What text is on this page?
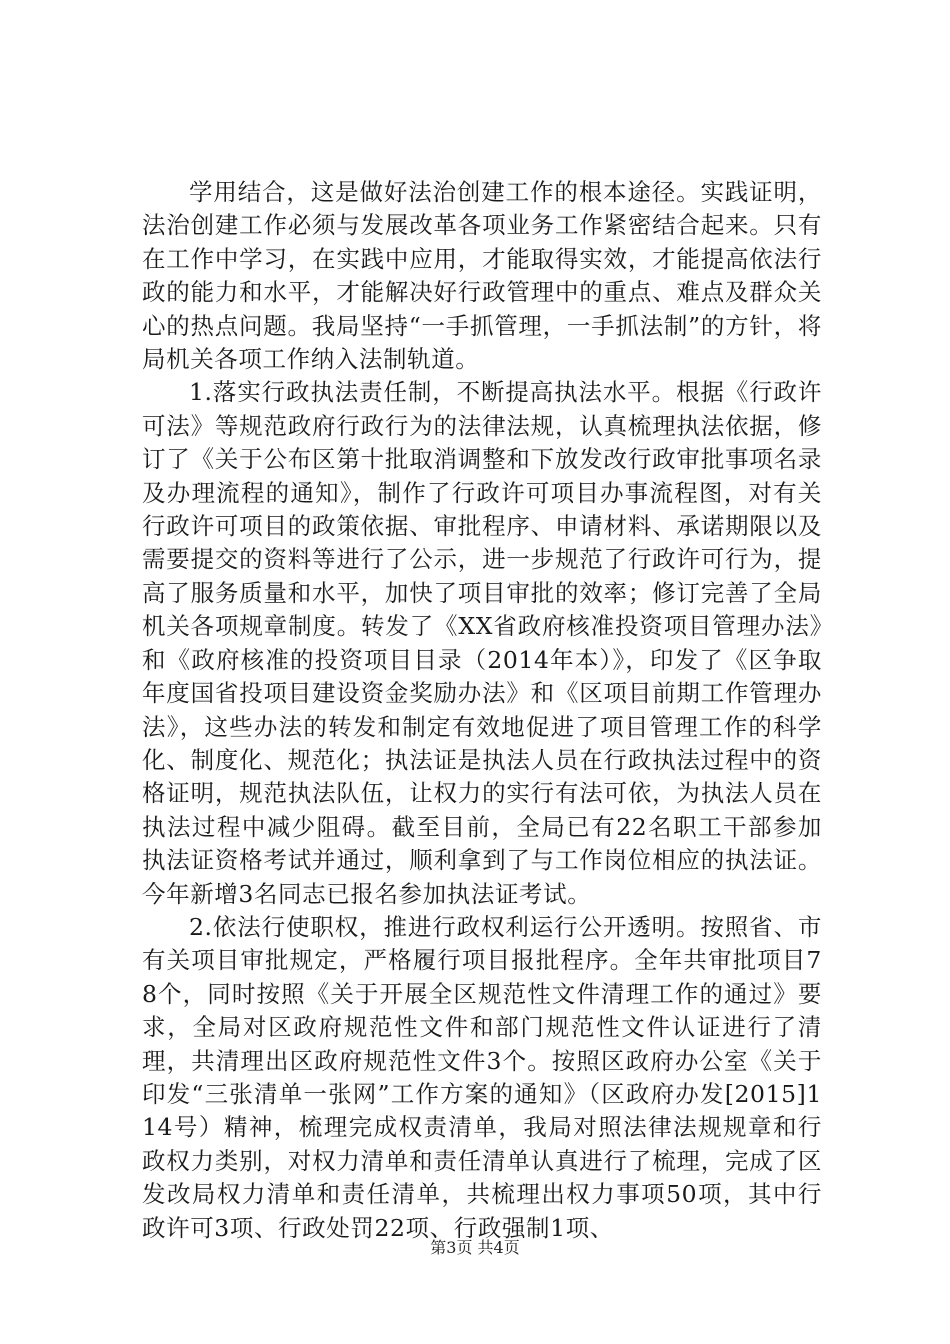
学用结合，这是做好法治创建工作的根本途径。实践证明，法治创建工作必须与发展改革各项业务工作紧密结合起来。只有在工作中学习，在实践中应用，才能取得实效，才能提高依法行政的能力和水平，才能解决好行政管理中的重点、难点及群众关心的热点问题。我局坚持“一手抓管理，一手抓法制”的方针，将局机关各项工作纳入法制轨道。

1.落实行政执法责任制，不断提高执法水平。根据《行政许可法》等规范政府行政行为的法律法规，认真梳理执法依据，修订了《关于公布区第十批取消调整和下放发改行政审批事项名录及办理流程的通知》，制作了行政许可项目办事流程图，对有关行政许可项目的政策依据、审批程序、申请材料、承诺期限以及需要提交的资料等进行了公示，进一步规范了行政许可行为，提高了服务质量和水平，加快了项目审批的效率；修订完善了全局机关各项规章制度。转发了《XX省政府核准投资项目管理办法》和《政府核准的投资项目目录（2014年本）》，印发了《区争取年度国省投项目建设资金奖励办法》和《区项目前期工作管理办法》，这些办法的转发和制定有效地促进了项目管理工作的科学化、制度化、规范化；执法证是执法人员在行政执法过程中的资格证明，规范执法队伍，让权力的实行有法可依，为执法人员在执法过程中减少阻碍。截至目前，全局已有22名职工干部参加执法证资格考试并通过，顺利拿到了与工作岗位相应的执法证。今年新增3名同志已报名参加执法证考试。

2.依法行使职权，推进行政权利运行公开透明。按照省、市有关项目审批规定，严格履行项目报批程序。全年共审批项目78个，同时按照《关于开展全区规范性文件清理工作的通过》要求，全局对区政府规范性文件和部门规范性文件认证进行了清理，共清理出区政府规范性文件3个。按照区政府办公室《关于印发“三张清单一张网”工作方案的通知》（区政府办发[2015]114号）精神，梳理完成权责清单，我局对照法律法规规章和行政权力类别，对权力清单和责任清单认真进行了梳理，完成了区发改局权力清单和责任清单，共梳理出权力事项50项，其中行政许可3项、行政处罚22项、行政强制1项、

第3页 共4页
